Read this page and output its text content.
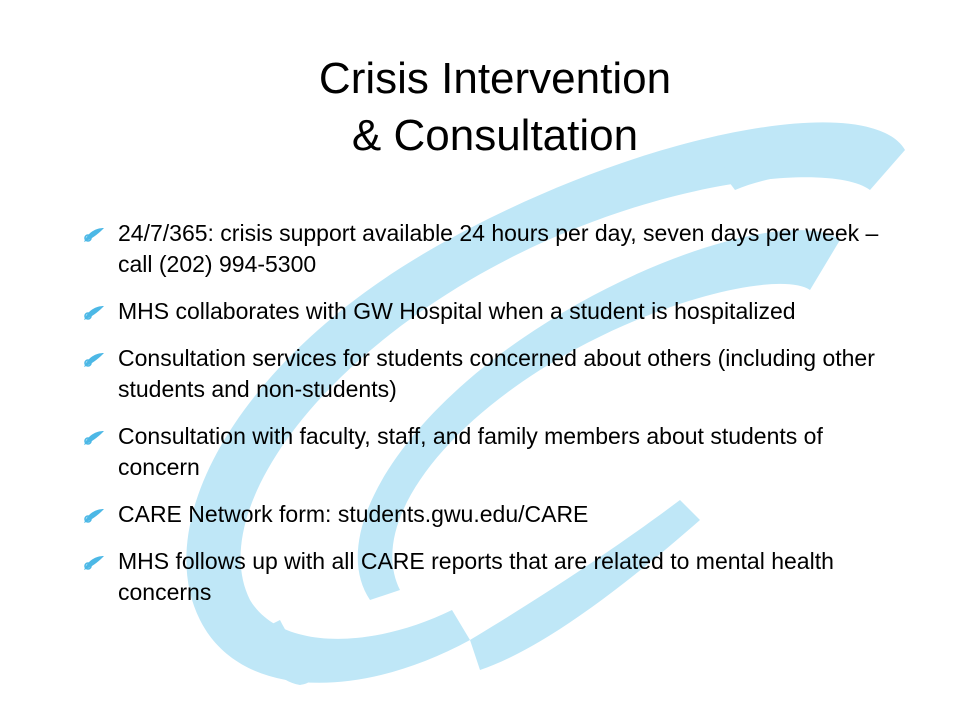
Crisis Intervention
& Consultation
24/7/365: crisis support available 24 hours per day, seven days per week – call (202) 994-5300
MHS collaborates with GW Hospital when a student is hospitalized
Consultation services for students concerned about others (including other students and non-students)
Consultation with faculty, staff, and family members about students of concern
CARE Network form: students.gwu.edu/CARE
MHS follows up with all CARE reports that are related to mental health concerns
